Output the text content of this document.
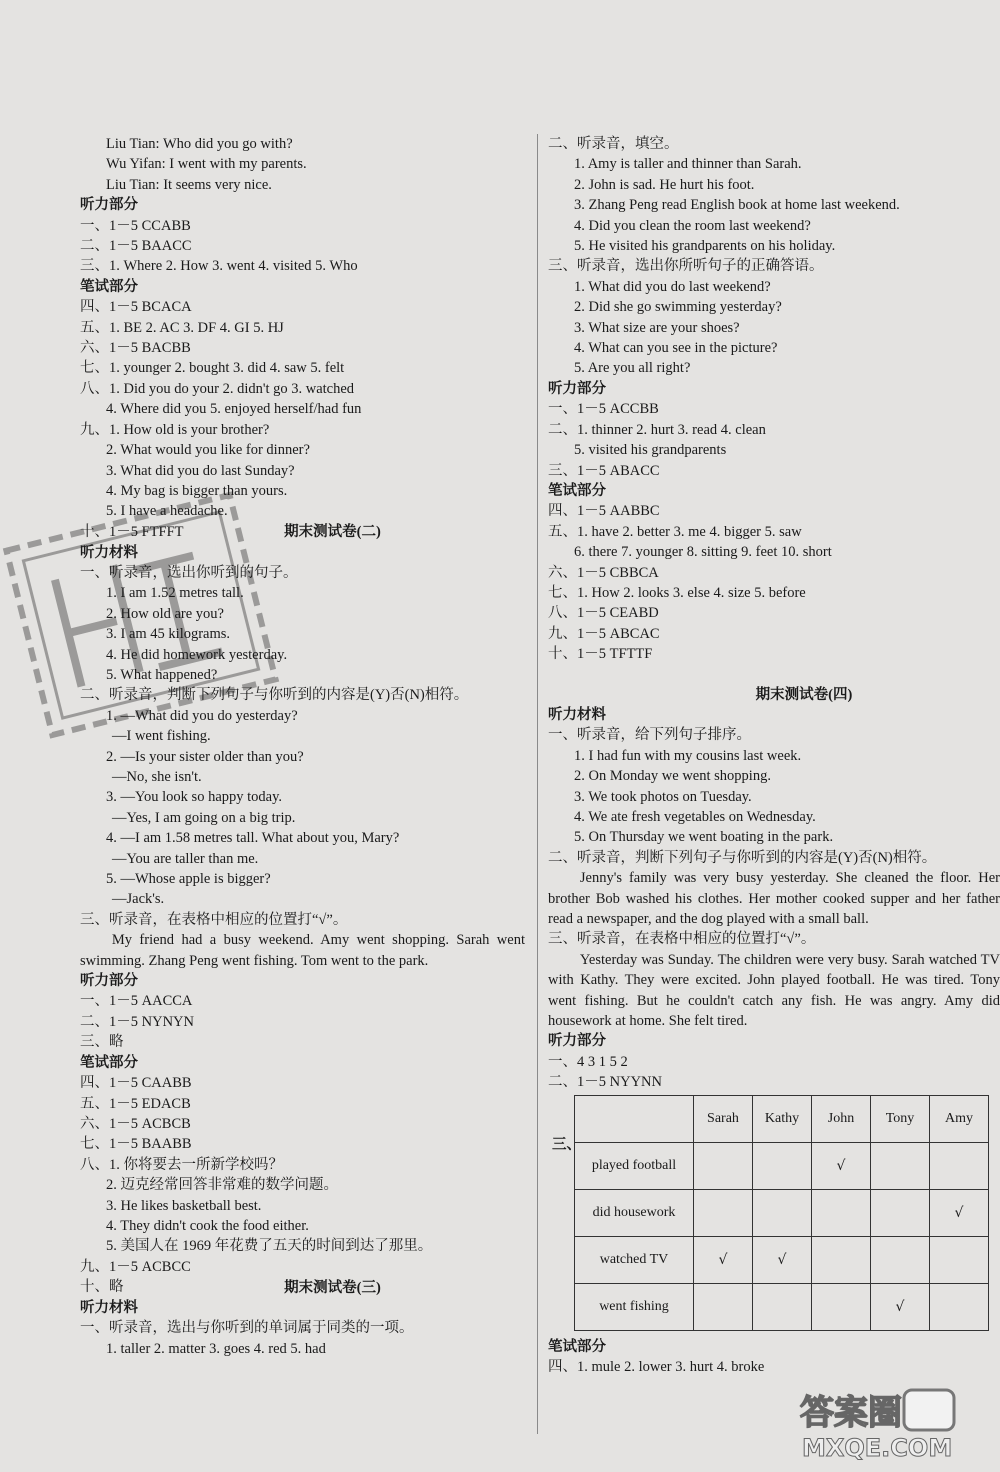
Liu Tian: Who did you go with?
Wu Yifan: I went with my parents.
Liu Tian: It seems very nice.
听力部分
一、1－5 CCABB
二、1－5 BAACC
三、1. Where 2. How 3. went 4. visited 5. Who
笔试部分
四、1－5 BCACA
五、1. BE 2. AC 3. DF 4. GI 5. HJ
六、1－5 BACBB
七、1. younger 2. bought 3. did 4. saw 5. felt
八、1. Did you do your 2. didn't go 3. watched
4. Where did you 5. enjoyed herself/had fun
九、1. How old is your brother?
2. What would you like for dinner?
3. What did you do last Sunday?
4. My bag is bigger than yours.
5. I have a headache.
十、1－5 FTFFT	期末测试卷(二)
听力材料
一、听录音，选出你听到的句子。
1. I am 1.52 metres tall.
2. How old are you?
3. I am 45 kilograms.
4. He did homework yesterday.
5. What happened?
二、听录音，判断下列句子与你听到的内容是(Y)否(N)相符。
1. —What did you do yesterday?
—I went fishing.
2. —Is your sister older than you?
—No, she isn't.
3. —You look so happy today.
—Yes, I am going on a big trip.
4. —I am 1.58 metres tall. What about you, Mary?
—You are taller than me.
5. —Whose apple is bigger?
—Jack's.
三、听录音，在表格中相应的位置打“√”。
My friend had a busy weekend. Amy went shopping. Sarah went swimming. Zhang Peng went fishing. Tom went to the park.
听力部分
一、1－5 AACCA
二、1－5 NYNYN
三、略
笔试部分
四、1－5 CAABB
五、1－5 EDACB
六、1－5 ACBCB
七、1－5 BAABB
八、1. 你将要去一所新学校吗？
2. 迈克经常回答非常难的数学问题。
3. He likes basketball best.
4. They didn't cook the food either.
5. 美国人在 1969 年花费了五天的时间到达了那里。
九、1－5 ACBCC
十、略	期末测试卷(三)
听力材料
一、听录音，选出与你听到的单词属于同类的一项。
1. taller 2. matter 3. goes 4. red 5. had
二、听录音，填空。
1. Amy is taller and thinner than Sarah.
2. John is sad. He hurt his foot.
3. Zhang Peng read English book at home last weekend.
4. Did you clean the room last weekend?
5. He visited his grandparents on his holiday.
三、听录音，选出你所听句子的正确答语。
1. What did you do last weekend?
2. Did she go swimming yesterday?
3. What size are your shoes?
4. What can you see in the picture?
5. Are you all right?
听力部分
一、1－5 ACCBB
二、1. thinner 2. hurt 3. read 4. clean
5. visited his grandparents
三、1－5 ABACC
笔试部分
四、1－5 AABBC
五、1. have 2. better 3. me 4. bigger 5. saw
6. there 7. younger 8. sitting 9. feet 10. short
六、1－5 CBBCA
七、1. How 2. looks 3. else 4. size 5. before
八、1－5 CEABD
九、1－5 ABCAC
十、1－5 TFTTF
期末测试卷(四)
听力材料
一、听录音，给下列句子排序。
1. I had fun with my cousins last week.
2. On Monday we went shopping.
3. We took photos on Tuesday.
4. We ate fresh vegetables on Wednesday.
5. On Thursday we went boating in the park.
二、听录音，判断下列句子与你听到的内容是(Y)否(N)相符。
Jenny's family was very busy yesterday. She cleaned the floor. Her brother Bob washed his clothes. Her mother cooked supper and her father read a newspaper, and the dog played with a small ball.
三、听录音，在表格中相应的位置打“√”。
Yesterday was Sunday. The children were very busy. Sarah watched TV with Kathy. They were excited. John played football. He was tired. Tony went fishing. But he couldn't catch any fish. He was angry. Amy did housework at home. She felt tired.
听力部分
一、4 3 1 5 2
二、1－5 NYYNN
三、
	Sarah	Kathy	John	Tony	Amy
played football			√		
did housework					√
watched TV	√	√			
went fishing				√	
笔试部分
四、1. mule 2. lower 3. hurt 4. broke
答案圈
MXQE.COM
